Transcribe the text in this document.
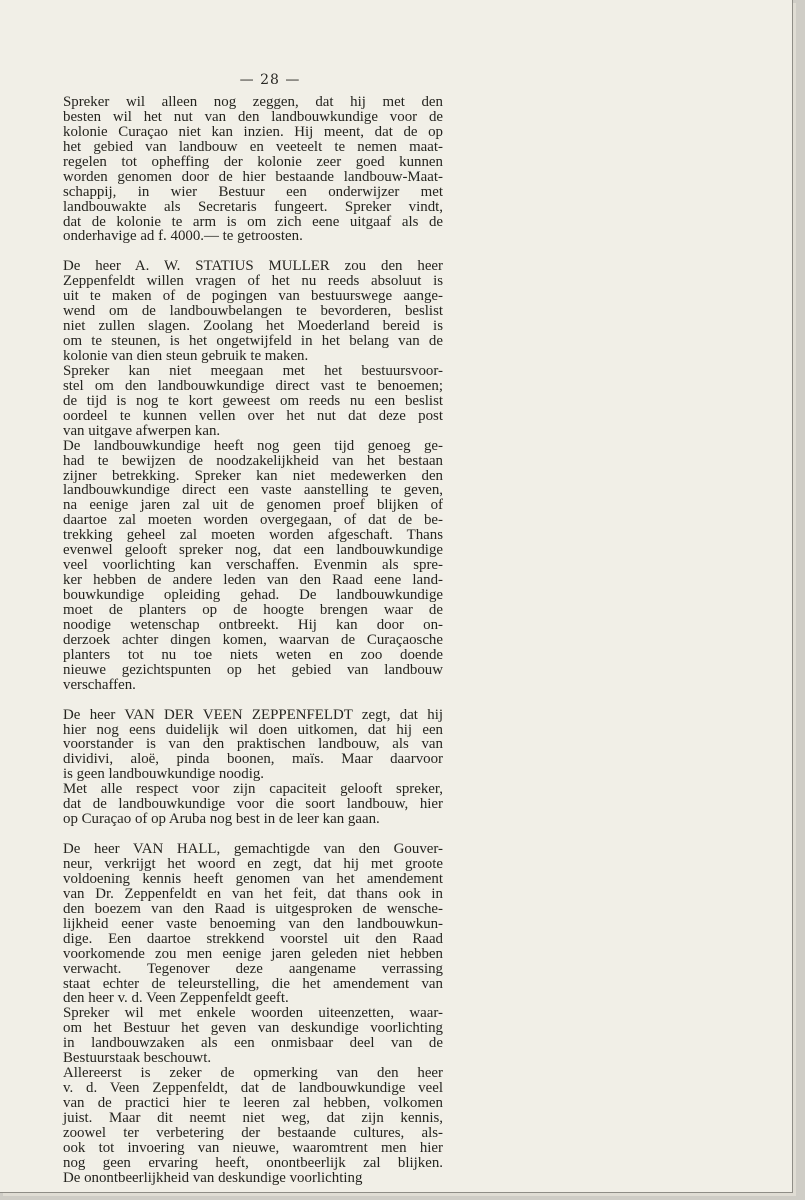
— 28 —
Spreker wil alleen nog zeggen, dat hij met den
besten wil het nut van den landbouwkundige voor de
kolonie Curaçao niet kan inzien. Hij meent, dat de op
het gebied van landbouw en veeteelt te nemen maat-
regelen tot opheffing der kolonie zeer goed kunnen
worden genomen door de hier bestaande landbouw-Maat-
schappij, in wier Bestuur een onderwijzer met
landbouwakte als Secretaris fungeert. Spreker vindt,
dat de kolonie te arm is om zich eene uitgaaf als de
onderhavige ad f. 4000.— te getroosten.
De heer A. W. STATIUS MULLER zou den heer
Zeppenfeldt willen vragen of het nu reeds absoluut is
uit te maken of de pogingen van bestuurswege aange-
wend om de landbouwbelangen te bevorderen, beslist
niet zullen slagen. Zoolang het Moederland bereid is
om te steunen, is het ongetwijfeld in het belang van de
kolonie van dien steun gebruik te maken.
Spreker kan niet meegaan met het bestuursvoor-
stel om den landbouwkundige direct vast te benoemen;
de tijd is nog te kort geweest om reeds nu een beslist
oordeel te kunnen vellen over het nut dat deze post
van uitgave afwerpen kan.
De landbouwkundige heeft nog geen tijd genoeg ge-
had te bewijzen de noodzakelijkheid van het bestaan
zijner betrekking. Spreker kan niet medewerken den
landbouwkundige direct een vaste aanstelling te geven,
na eenige jaren zal uit de genomen proef blijken of
daartoe zal moeten worden overgegaan, of dat de be-
trekking geheel zal moeten worden afgeschaft. Thans
evenwel gelooft spreker nog, dat een landbouwkundige
veel voorlichting kan verschaffen. Evenmin als spre-
ker hebben de andere leden van den Raad eene land-
bouwkundige opleiding gehad. De landbouwkundige
moet de planters op de hoogte brengen waar de
noodige wetenschap ontbreekt. Hij kan door on-
derzoek achter dingen komen, waarvan de Curaçaosche
planters tot nu toe niets weten en zoo doende
nieuwe gezichtspunten op het gebied van landbouw
verschaffen.
De heer VAN DER VEEN ZEPPENFELDT zegt, dat hij
hier nog eens duidelijk wil doen uitkomen, dat hij een
voorstander is van den praktischen landbouw, als van
dividivi, aloë, pinda boonen, maïs. Maar daarvoor
is geen landbouwkundige noodig.
Met alle respect voor zijn capaciteit gelooft spreker,
dat de landbouwkundige voor die soort landbouw, hier
op Curaçao of op Aruba nog best in de leer kan gaan.
De heer VAN HALL, gemachtigde van den Gouver-
neur, verkrijgt het woord en zegt, dat hij met groote
voldoening kennis heeft genomen van het amendement
van Dr. Zeppenfeldt en van het feit, dat thans ook in
den boezem van den Raad is uitgesproken de wensche-
lijkheid eener vaste benoeming van den landbouwkun-
dige. Een daartoe strekkend voorstel uit den Raad
voorkomende zou men eenige jaren geleden niet hebben
verwacht. Tegenover deze aangename verrassing
staat echter de teleurstelling, die het amendement van
den heer v. d. Veen Zeppenfeldt geeft.
Spreker wil met enkele woorden uiteenzetten, waar-
om het Bestuur het geven van deskundige voorlichting
in landbouwzaken als een onmisbaar deel van de
Bestuurstaak beschouwt.
Allereerst is zeker de opmerking van den heer
v. d. Veen Zeppenfeldt, dat de landbouwkundige veel
van de practici hier te leeren zal hebben, volkomen
juist. Maar dit neemt niet weg, dat zijn kennis,
zoowel ter verbetering der bestaande cultures, als-
ook tot invoering van nieuwe, waaromtrent men hier
nog geen ervaring heeft, onontbeerlijk zal blijken.
De onontbeerlijkheid van deskundige voorlichting
